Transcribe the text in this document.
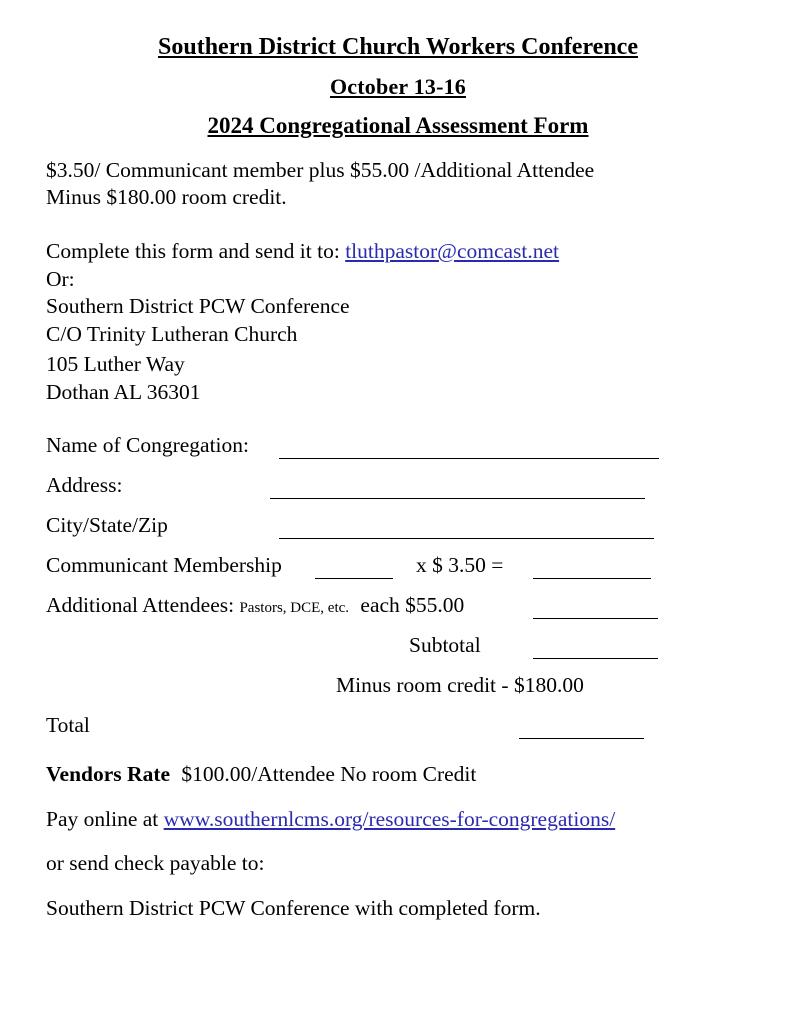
Southern District Church Workers Conference
October 13-16
2024 Congregational Assessment Form
$3.50/ Communicant member plus $55.00 /Additional Attendee
Minus $180.00 room credit.
Complete this form and send it to: tluthpastor@comcast.net
Or:
Southern District PCW Conference
C/O Trinity Lutheran Church
105 Luther Way
Dothan AL 36301
Name of Congregation:
Address:
City/State/Zip
Communicant Membership	x $ 3.50 =
Additional Attendees: Pastors, DCE, etc. each $55.00
Subtotal
Minus room credit - $180.00
Total
Vendors Rate $100.00/Attendee No room Credit
Pay online at www.southernlcms.org/resources-for-congregations/
or send check payable to:
Southern District PCW Conference with completed form.
